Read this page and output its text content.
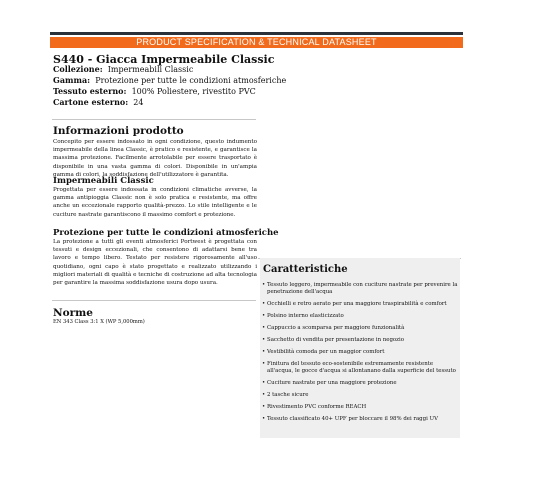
PRODUCT SPECIFICATION & TECHNICAL DATASHEET
S440 - Giacca Impermeabile Classic
Collezione: Impermeabili Classic
Gamma: Protezione per tutte le condizioni atmosferiche
Tessuto esterno: 100% Poliestere, rivestito PVC
Cartone esterno: 24
Informazioni prodotto
Concepito per essere indossato in ogni condizione, questo indumento impermeabile della linea Classic, è pratico e resistente, e garantisce la massima protezione. Facilmente arrotolabile per essere trasportato è disponibile in una vasta gamma di colori. Disponibile in un'ampia gamma di colori, la soddisfazione dell'utilizzatore è garantita.
Impermeabili Classic
Progettata per essere indossata in condizioni climatiche avverse, la gamma antipioggia Classic non è solo pratica e resistente, ma offre anche un eccezionale rapporto qualità-prezzo. Lo stile intelligente e le cuciture nastrate garantiscono il massimo comfort e protezione.
Protezione per tutte le condizioni atmosferiche
La protezione a tutti gli eventi atmosferici Portwest è progettata con tessuti e design eccezionali, che consentono di adattarsi bene tra lavoro e tempo libero. Testato per resistere rigorosamente all'uso quotidiano, ogni capo è stato progettato e realizzato utilizzando i migliori materiali di qualità e tecniche di costruzione ad alta tecnologia per garantire la massima soddisfazione usura dopo usura.
Norme
EN 343 Class 3:1 X (WP 5,000mm)
Caratteristiche
• Tessuto leggero, impermeabile con cuciture nastrate per prevenire la penetrazione dell'acqua
• Occhielli e retro aerato per una maggiore traspirabilità e comfort
• Polsino interno elasticizzato
• Cappuccio a scomparsa per maggiore funzionalità
• Sacchetto di vendita per presentazione in negozio
• Vestibilità comoda per un maggior comfort
• Finitura del tessuto eco-sostenibile estremamente resistente all'acqua, le gocce d'acqua si allontanano dalla superficie del tessuto
• Cuciture nastrate per una maggiore protezione
• 2 tasche sicure
• Rivestimento PVC conforme REACH
• Tessuto classificato 40+ UPF per bloccare il 98% dei raggi UV
